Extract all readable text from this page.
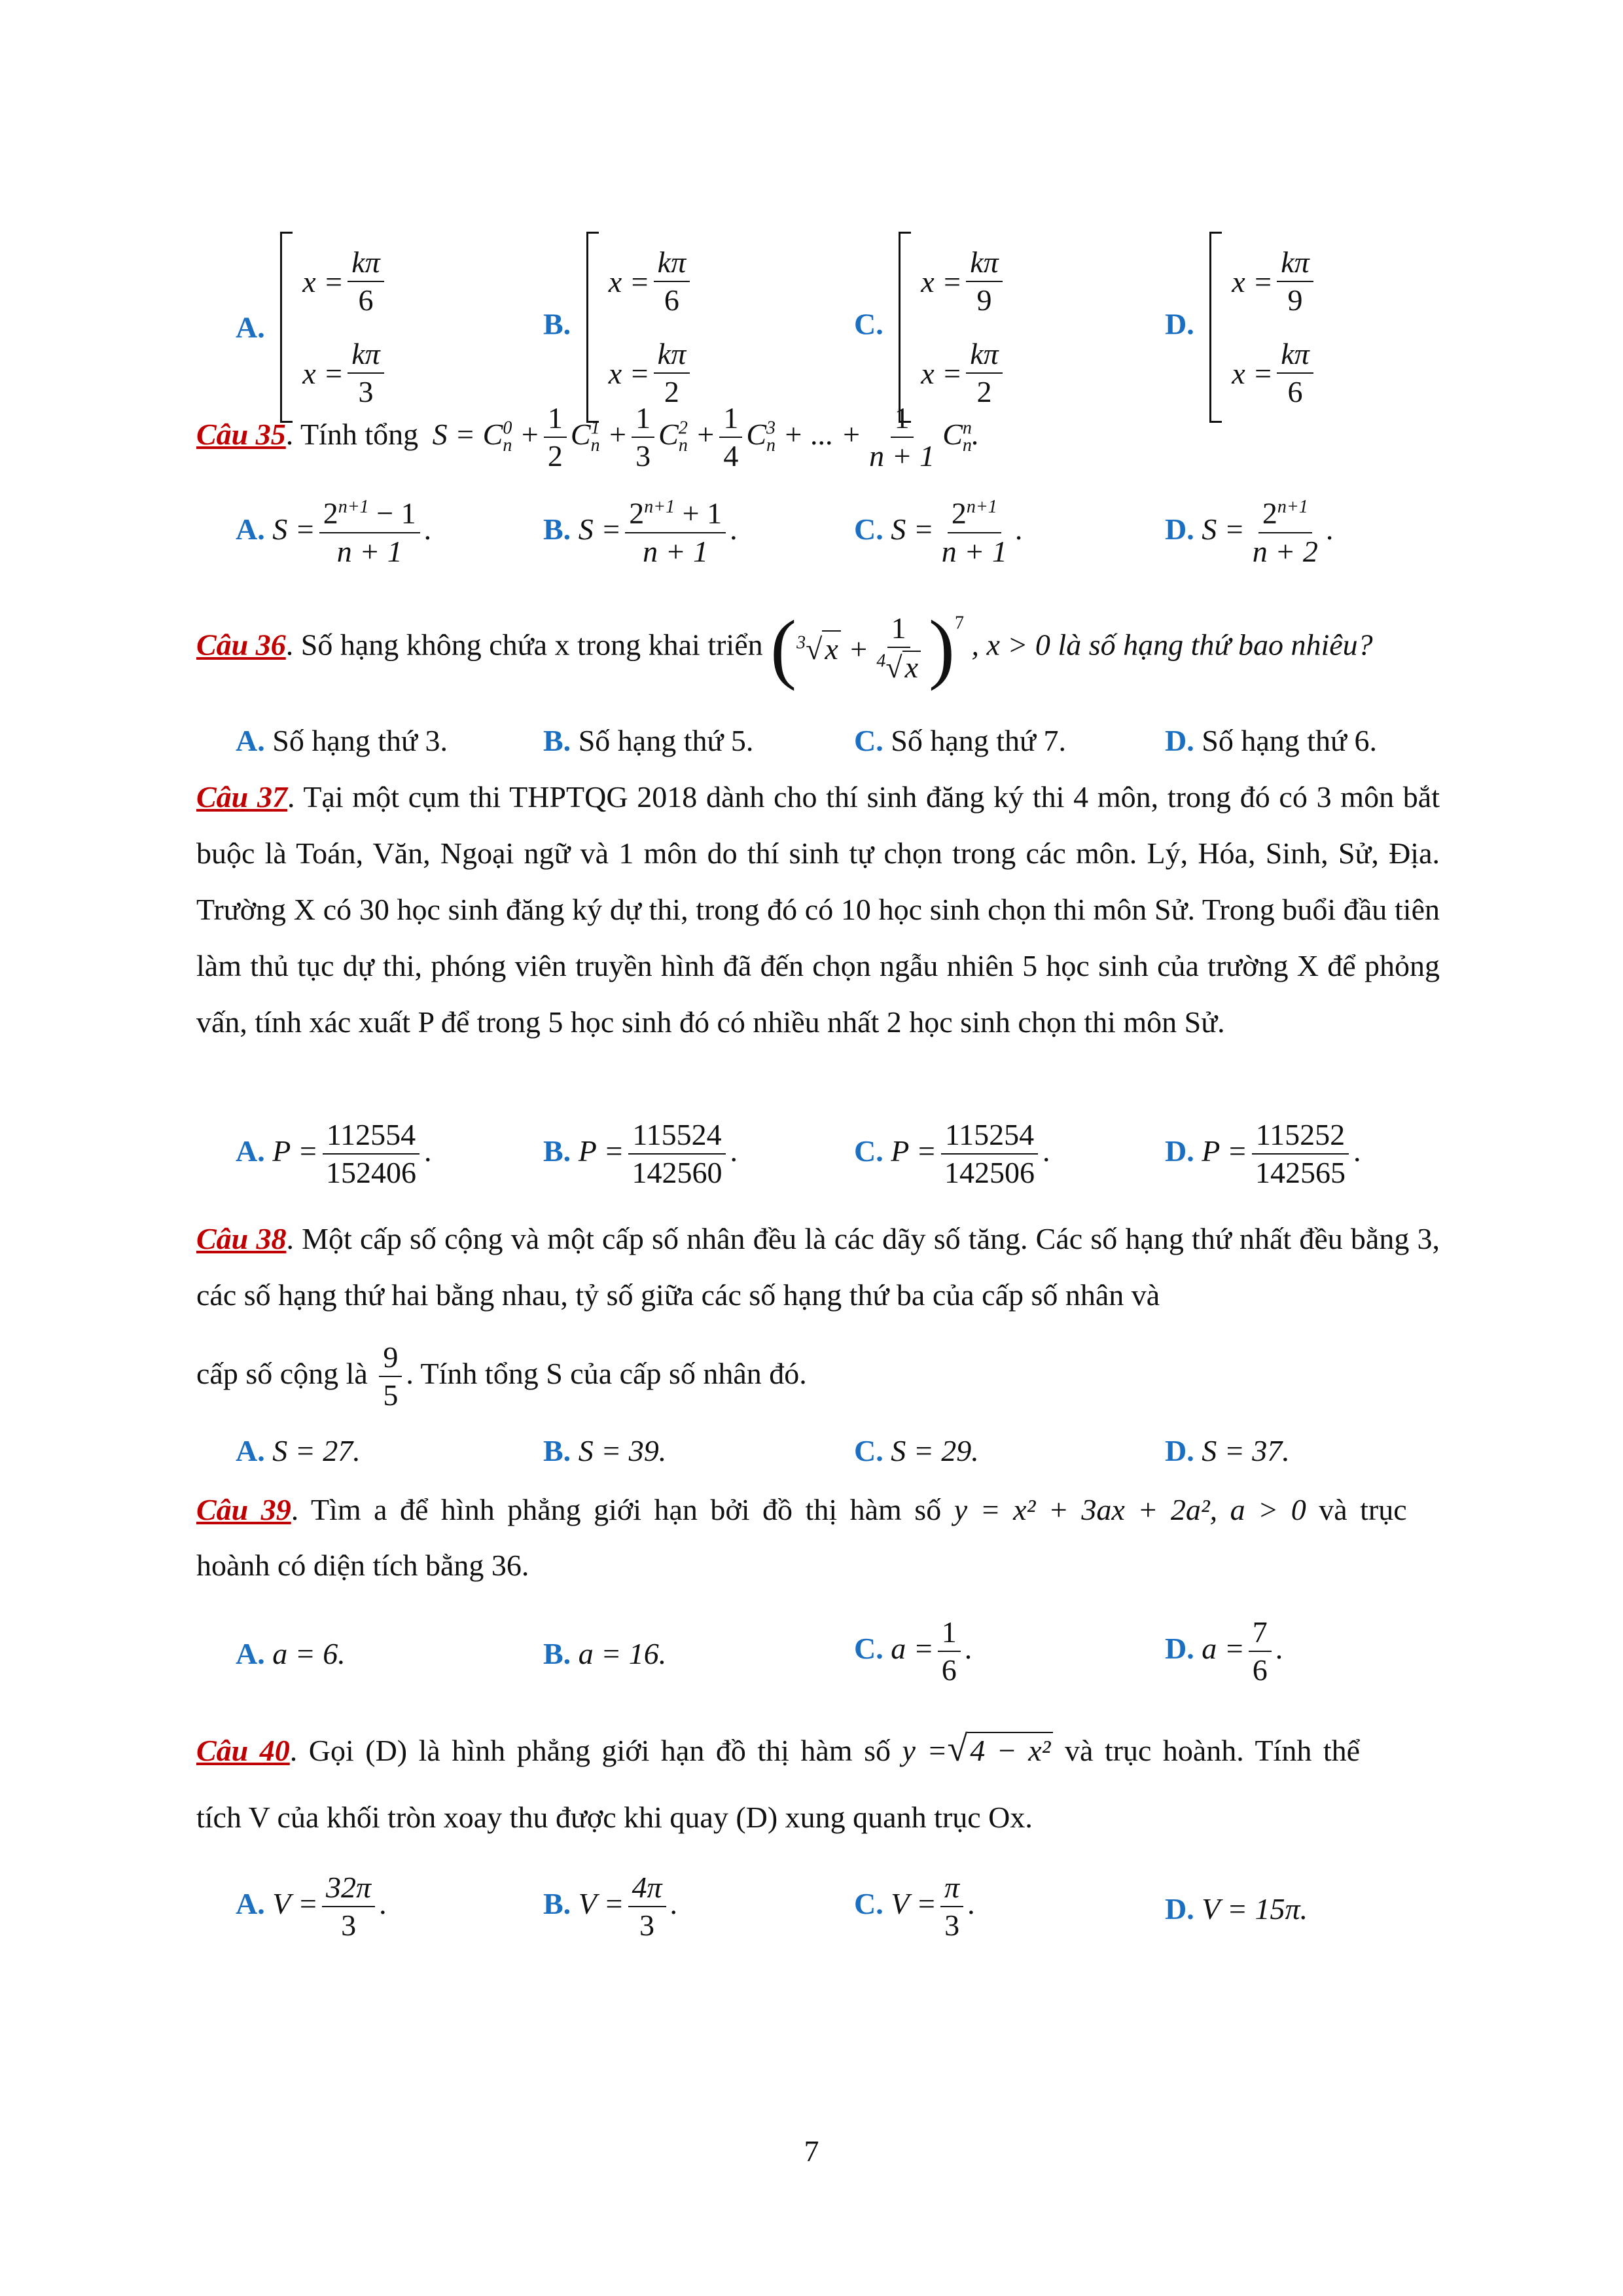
A.
$x = \frac{k\pi}{6}$
$x = \frac{k\pi}{3}$
B.
$x = \frac{k\pi}{6}$
$x = \frac{k\pi}{2}$
C.
$x = \frac{k\pi}{9}$
$x = \frac{k\pi}{2}$
D.
$x = \frac{k\pi}{9}$
$x = \frac{k\pi}{6}$
Câu 35. Tính tổng $S = C^0_n + \frac{1}{2} C^1_n + \frac{1}{3} C^2_n + \frac{1}{4} C^3_n$ + ... + $\frac{1}{n + 1} C^n_n$.
A. $S = \frac{2^{n+1} - 1}{n + 1}$ .	B. $S = \frac{2^{n+1} + 1}{n + 1}$ .	C. $S = \frac{2^{n+1}}{n + 1}$ .	D. $S = \frac{2^{n+1}}{n + 2}$ .
Câu 36. Số hạng không chứa x trong khai triển $(^3√x + \frac{1}{^4√x} )^7$ , x > 0 là số hạng thứ bao nhiêu?
A. Số hạng thứ 3.	B. Số hạng thứ 5.	C. Số hạng thứ 7.	D. Số hạng thứ 6.
Câu 37. Tại một cụm thi THPTQG 2018 dành cho thí sinh đăng ký thi 4 môn, trong đó có 3 môn bắt buộc là Toán, Văn, Ngoại ngữ và 1 môn do thí sinh tự chọn trong các môn. Lý, Hóa, Sinh, Sử, Địa. Trường X có 30 học sinh đăng ký dự thi, trong đó có 10 học sinh chọn thi môn Sử. Trong buổi đầu tiên làm thủ tục dự thi, phóng viên truyền hình đã đến chọn ngẫu nhiên 5 học sinh của trường X để phỏng vấn, tính xác xuất P để trong 5 học sinh đó có nhiều nhất 2 học sinh chọn thi môn Sử.
A. $P = \frac{112554}{152406}$ .	B. $P = \frac{115524}{142560}$ .	C. $P = \frac{115254}{142506}$ .	D. $P = \frac{115252}{142565}$ .
Câu 38. Một cấp số cộng và một cấp số nhân đều là các dãy số tăng. Các số hạng thứ nhất đều bằng 3, các số hạng thứ hai bằng nhau, tỷ số giữa các số hạng thứ ba của cấp số nhân và
cấp số cộng là $\frac{9}{5}$ . Tính tổng S của cấp số nhân đó.
A. S = 27.	B. S = 39.	C. S = 29.	D. S = 37.
Câu 39. Tìm a để hình phẳng giới hạn bởi đồ thị hàm số y = x² + 3ax + 2a², a > 0 và trục
hoành có diện tích bằng 36.
A. a = 6.	B. a = 16.	C. $a = \frac{1}{6}$ .	D. $a = \frac{7}{6}$ .
Câu 40. Gọi (D) là hình phẳng giới hạn đồ thị hàm số y =√4 − x² và trục hoành. Tính thể
tích V của khối tròn xoay thu được khi quay (D) xung quanh trục Ox.
A. $V = \frac{32\pi}{3}$ .	B. $V = \frac{4\pi}{3}$ .	C. $V = \frac{\pi}{3}$ .	D. V = 15π.
7
